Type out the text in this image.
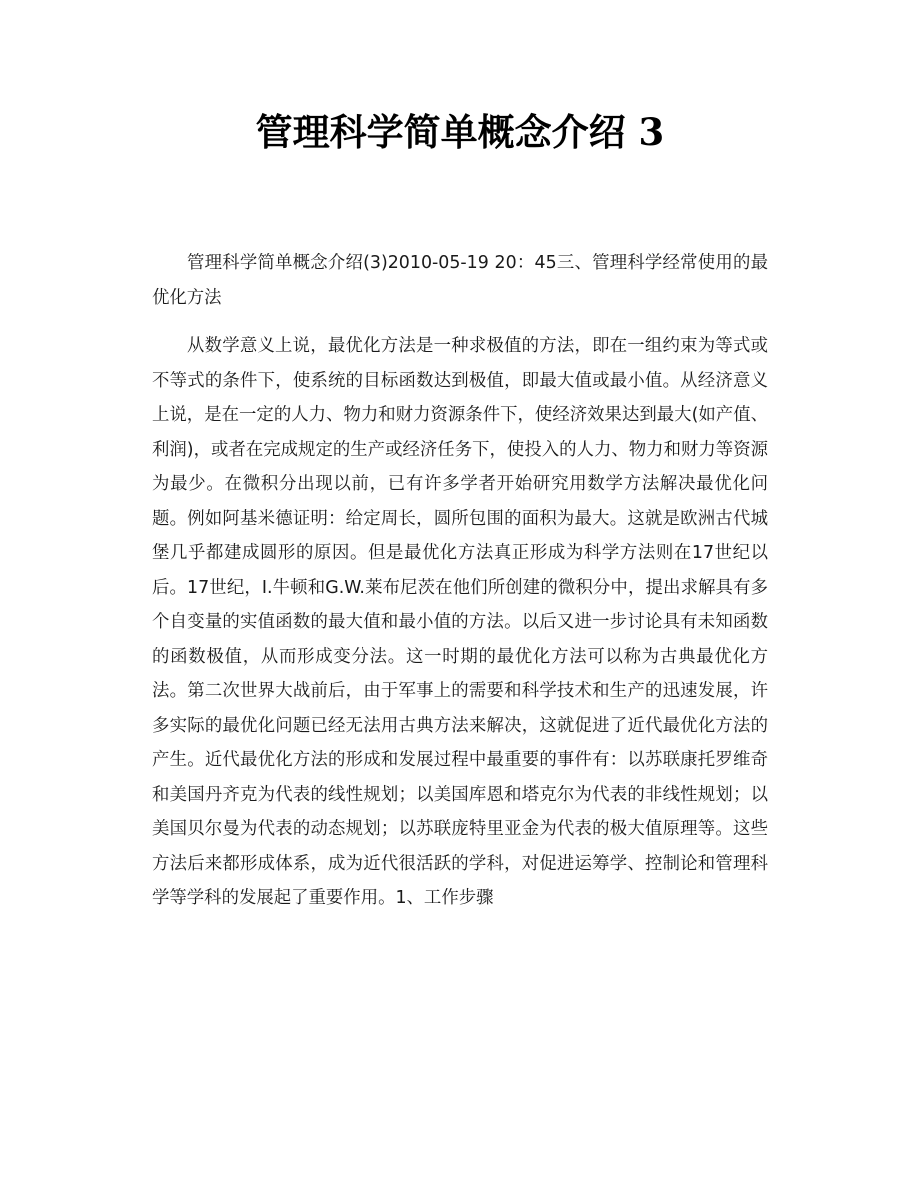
管理科学简单概念介绍 3

管理科学简单概念介绍(3)2010-05-19 20：45三、管理科学经常使用的最优化方法

从数学意义上说，最优化方法是一种求极值的方法，即在一组约束为等式或不等式的条件下，使系统的目标函数达到极值，即最大值或最小值。从经济意义上说，是在一定的人力、物力和财力资源条件下，使经济效果达到最大(如产值、利润)，或者在完成规定的生产或经济任务下，使投入的人力、物力和财力等资源为最少。在微积分出现以前，已有许多学者开始研究用数学方法解决最优化问题。例如阿基米德证明：给定周长，圆所包围的面积为最大。这就是欧洲古代城堡几乎都建成圆形的原因。但是最优化方法真正形成为科学方法则在17世纪以后。17世纪，I.牛顿和G.W.莱布尼茨在他们所创建的微积分中，提出求解具有多个自变量的实值函数的最大值和最小值的方法。以后又进一步讨论具有未知函数的函数极值，从而形成变分法。这一时期的最优化方法可以称为古典最优化方法。第二次世界大战前后，由于军事上的需要和科学技术和生产的迅速发展，许多实际的最优化问题已经无法用古典方法来解决，这就促进了近代最优化方法的产生。近代最优化方法的形成和发展过程中最重要的事件有：以苏联康托罗维奇和美国丹齐克为代表的线性规划；以美国库恩和塔克尔为代表的非线性规划；以美国贝尔曼为代表的动态规划；以苏联庞特里亚金为代表的极大值原理等。这些方法后来都形成体系，成为近代很活跃的学科，对促进运筹学、控制论和管理科学等学科的发展起了重要作用。1、工作步骤
